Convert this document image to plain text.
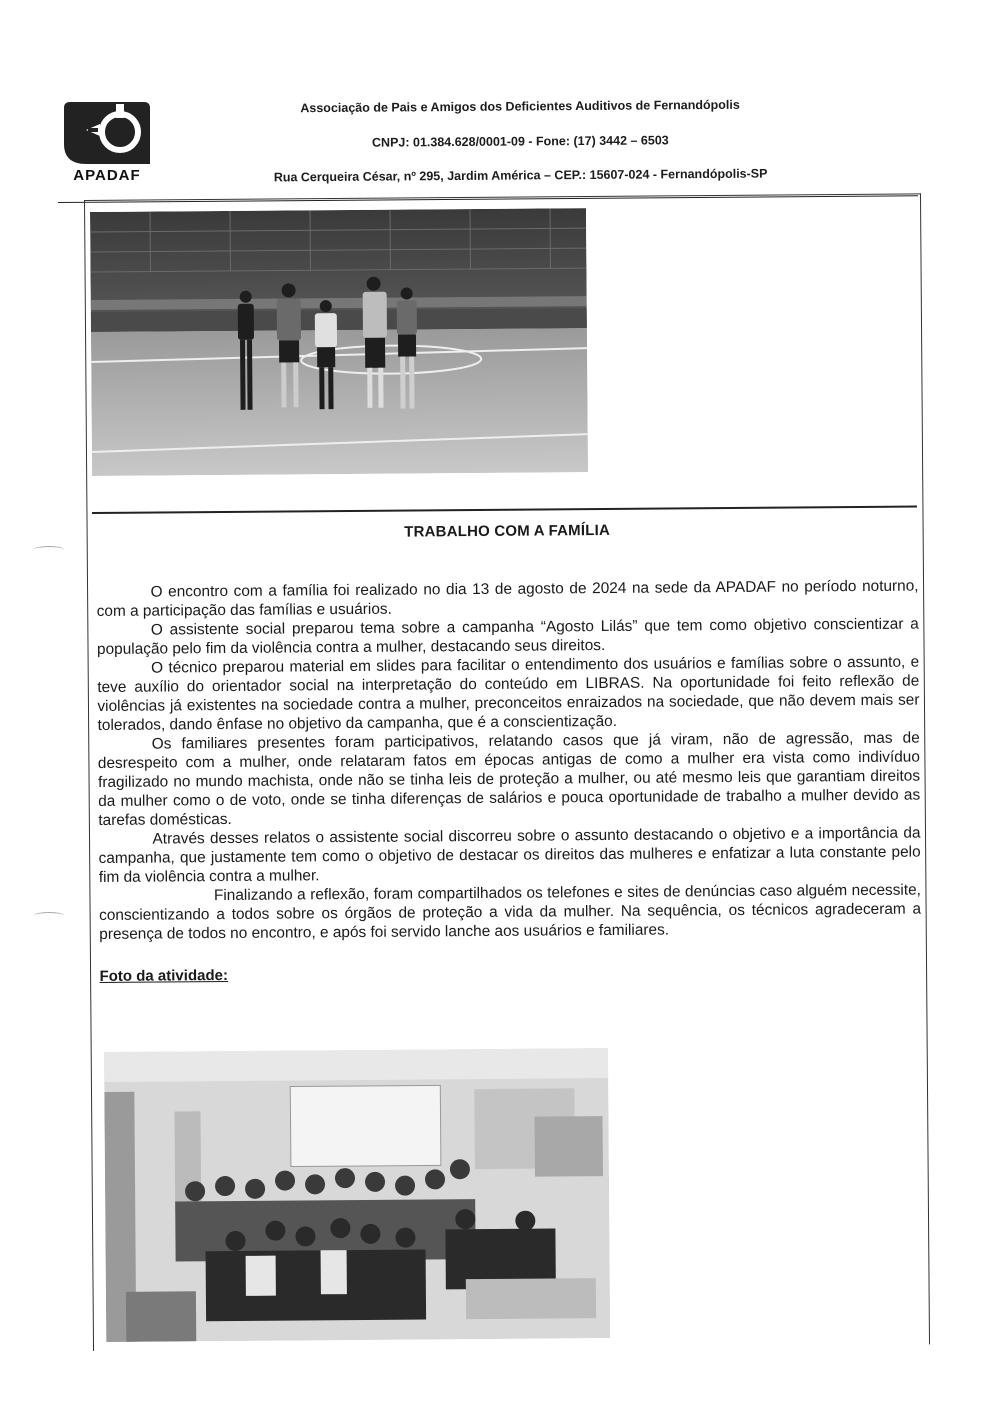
APADAF
Associação de Pais e Amigos dos Deficientes Auditivos de Fernandópolis
CNPJ: 01.384.628/0001-09 - Fone: (17) 3442 – 6503
Rua Cerqueira César, nº 295, Jardim América – CEP.: 15607-024 - Fernandópolis-SP
TRABALHO COM A FAMÍLIA

O encontro com a família foi realizado no dia 13 de agosto de 2024 na sede da APADAF no período noturno, com a participação das famílias e usuários.

O assistente social preparou tema sobre a campanha “Agosto Lilás” que tem como objetivo conscientizar a população pelo fim da violência contra a mulher, destacando seus direitos.

O técnico preparou material em slides para facilitar o entendimento dos usuários e famílias sobre o assunto, e teve auxílio do orientador social na interpretação do conteúdo em LIBRAS. Na oportunidade foi feito reflexão de violências já existentes na sociedade contra a mulher, preconceitos enraizados na sociedade, que não devem mais ser tolerados, dando ênfase no objetivo da campanha, que é a conscientização.

Os familiares presentes foram participativos, relatando casos que já viram, não de agressão, mas de desrespeito com a mulher, onde relataram fatos em épocas antigas de como a mulher era vista como indivíduo fragilizado no mundo machista, onde não se tinha leis de proteção a mulher, ou até mesmo leis que garantiam direitos da mulher como o de voto, onde se tinha diferenças de salários e pouca oportunidade de trabalho a mulher devido as tarefas domésticas.

Através desses relatos o assistente social discorreu sobre o assunto destacando o objetivo e a importância da campanha, que justamente tem como o objetivo de destacar os direitos das mulheres e enfatizar a luta constante pelo fim da violência contra a mulher.

Finalizando a reflexão, foram compartilhados os telefones e sites de denúncias caso alguém necessite, conscientizando a todos sobre os órgãos de proteção a vida da mulher. Na sequência, os técnicos agradeceram a presença de todos no encontro, e após foi servido lanche aos usuários e familiares.

Foto da atividade:
